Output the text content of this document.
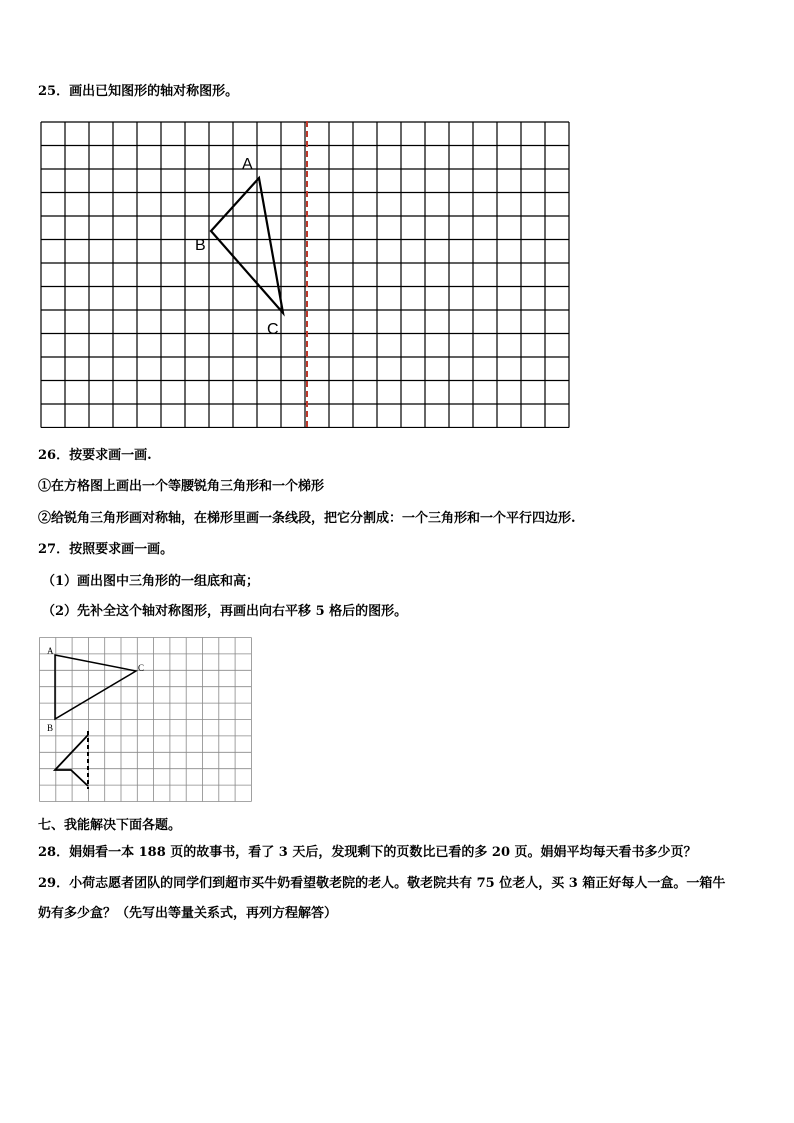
25．画出已知图形的轴对称图形。
A
B
C
26．按要求画一画.
①在方格图上画出一个等腰锐角三角形和一个梯形
②给锐角三角形画对称轴，在梯形里画一条线段，把它分割成：一个三角形和一个平行四边形.
27．按照要求画一画。
（1）画出图中三角形的一组底和高；
（2）先补全这个轴对称图形，再画出向右平移 5 格后的图形。
A
C
B
七、我能解决下面各题。
28．娟娟看一本 188 页的故事书，看了 3 天后，发现剩下的页数比已看的多 20 页。娟娟平均每天看书多少页？
29．小荷志愿者团队的同学们到超市买牛奶看望敬老院的老人。敬老院共有 75 位老人，买 3 箱正好每人一盒。一箱牛
奶有多少盒？（先写出等量关系式，再列方程解答）
